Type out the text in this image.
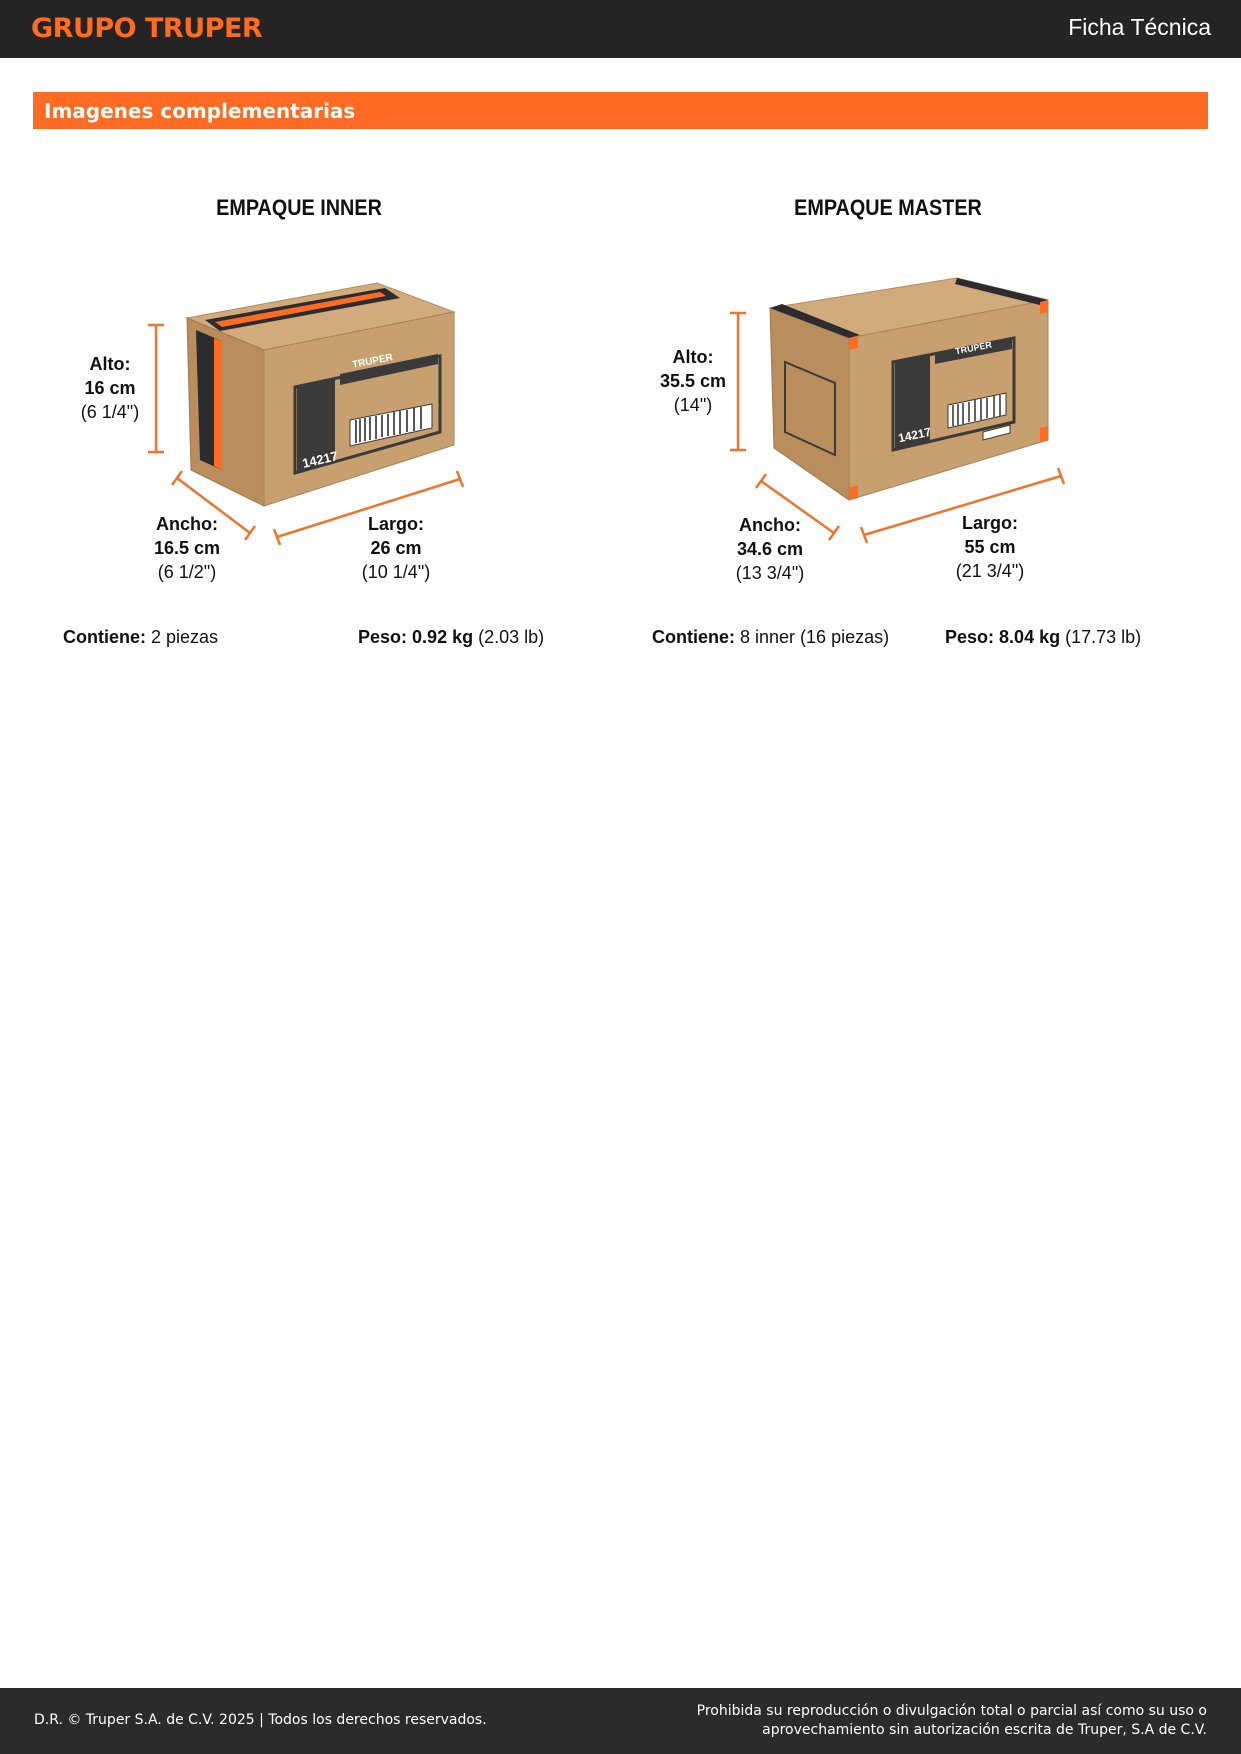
GRUPO TRUPER	Ficha Técnica
Imagenes complementarias
EMPAQUE INNER	EMPAQUE MASTER
TRUPER
14217
TRUPER
14217
Alto:
16 cm
(6 1/4")
Ancho:
16.5 cm
(6 1/2")
Largo:
26 cm
(10 1/4")
Alto:
35.5 cm
(14")
Ancho:
34.6 cm
(13 3/4")
Largo:
55 cm
(21 3/4")
Contiene: 2 piezas	Peso: 0.92 kg (2.03 lb)	Contiene: 8 inner (16 piezas)	Peso: 8.04 kg (17.73 lb)
D.R. © Truper S.A. de C.V. 2025 | Todos los derechos reservados.
Prohibida su reproducción o divulgación total o parcial así como su uso o
aprovechamiento sin autorización escrita de Truper, S.A de C.V.
